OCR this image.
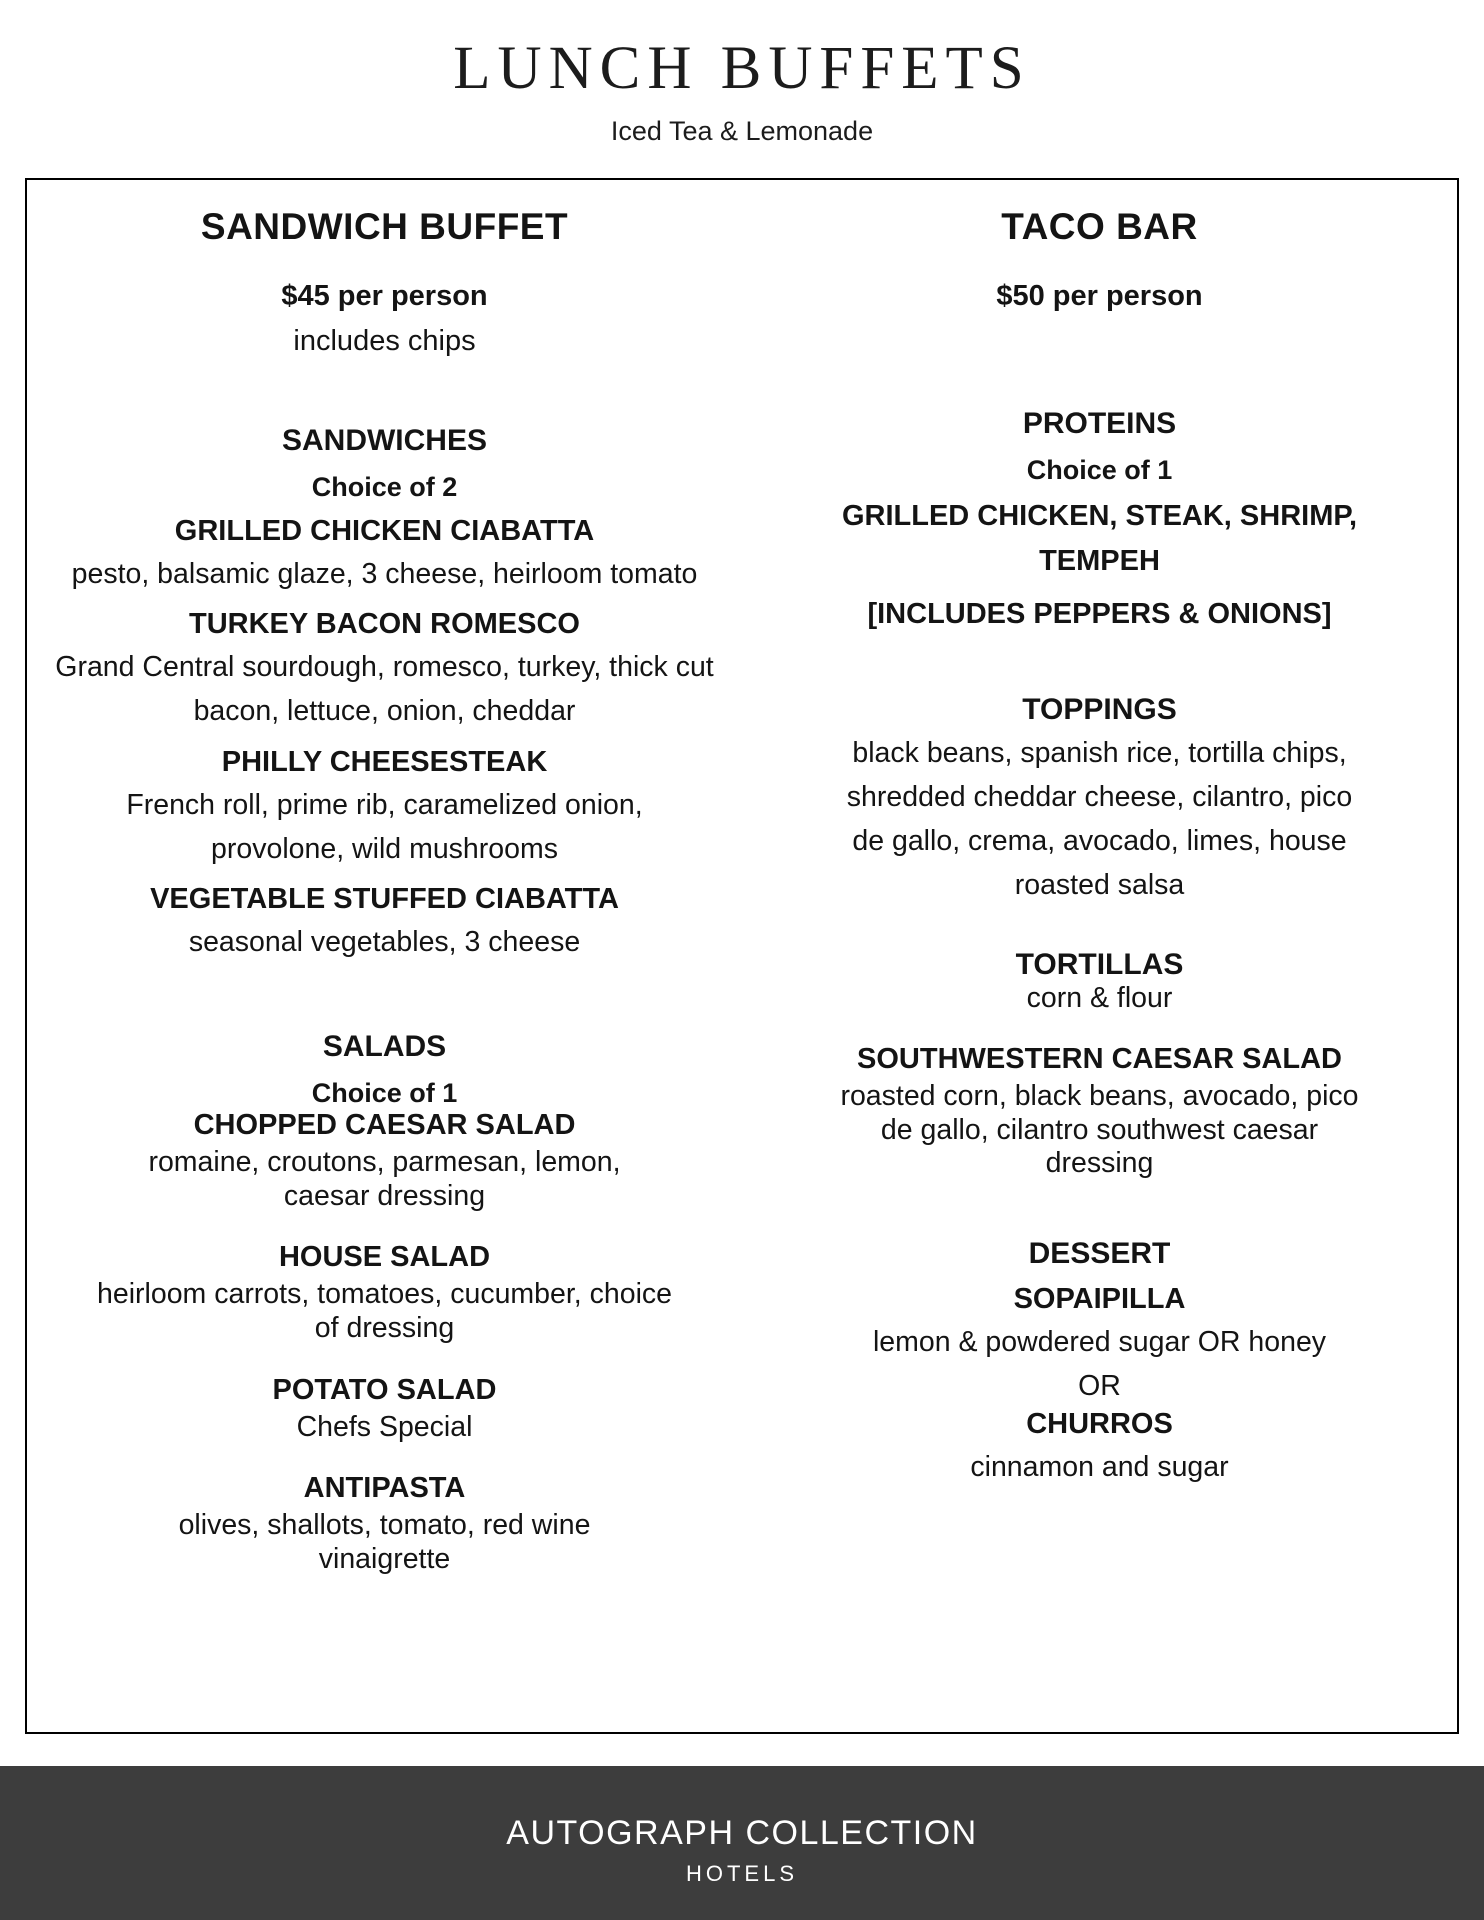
LUNCH BUFFETS
Iced Tea & Lemonade
SANDWICH BUFFET
$45 per person
includes chips
SANDWICHES
Choice of 2
GRILLED CHICKEN CIABATTA
pesto, balsamic glaze, 3 cheese, heirloom tomato
TURKEY BACON ROMESCO
Grand Central sourdough, romesco, turkey, thick cut bacon, lettuce, onion, cheddar
PHILLY CHEESESTEAK
French roll, prime rib, caramelized onion, provolone, wild mushrooms
VEGETABLE STUFFED CIABATTA
seasonal vegetables, 3 cheese
SALADS
Choice of 1
CHOPPED CAESAR SALAD
romaine, croutons, parmesan, lemon, caesar dressing
HOUSE SALAD
heirloom carrots, tomatoes, cucumber, choice of dressing
POTATO SALAD
Chefs Special
ANTIPASTA
olives, shallots, tomato, red wine vinaigrette
TACO BAR
$50 per person
PROTEINS
Choice of 1
GRILLED CHICKEN, STEAK, SHRIMP, TEMPEH
[INCLUDES PEPPERS & ONIONS]
TOPPINGS
black beans, spanish rice, tortilla chips, shredded cheddar cheese, cilantro, pico de gallo, crema, avocado, limes, house roasted salsa
TORTILLAS
corn & flour
SOUTHWESTERN CAESAR SALAD
roasted corn, black beans, avocado, pico de gallo, cilantro southwest caesar dressing
DESSERT
SOPAIPILLA
lemon & powdered sugar OR honey
OR
CHURROS
cinnamon and sugar
AUTOGRAPH COLLECTION
HOTELS
